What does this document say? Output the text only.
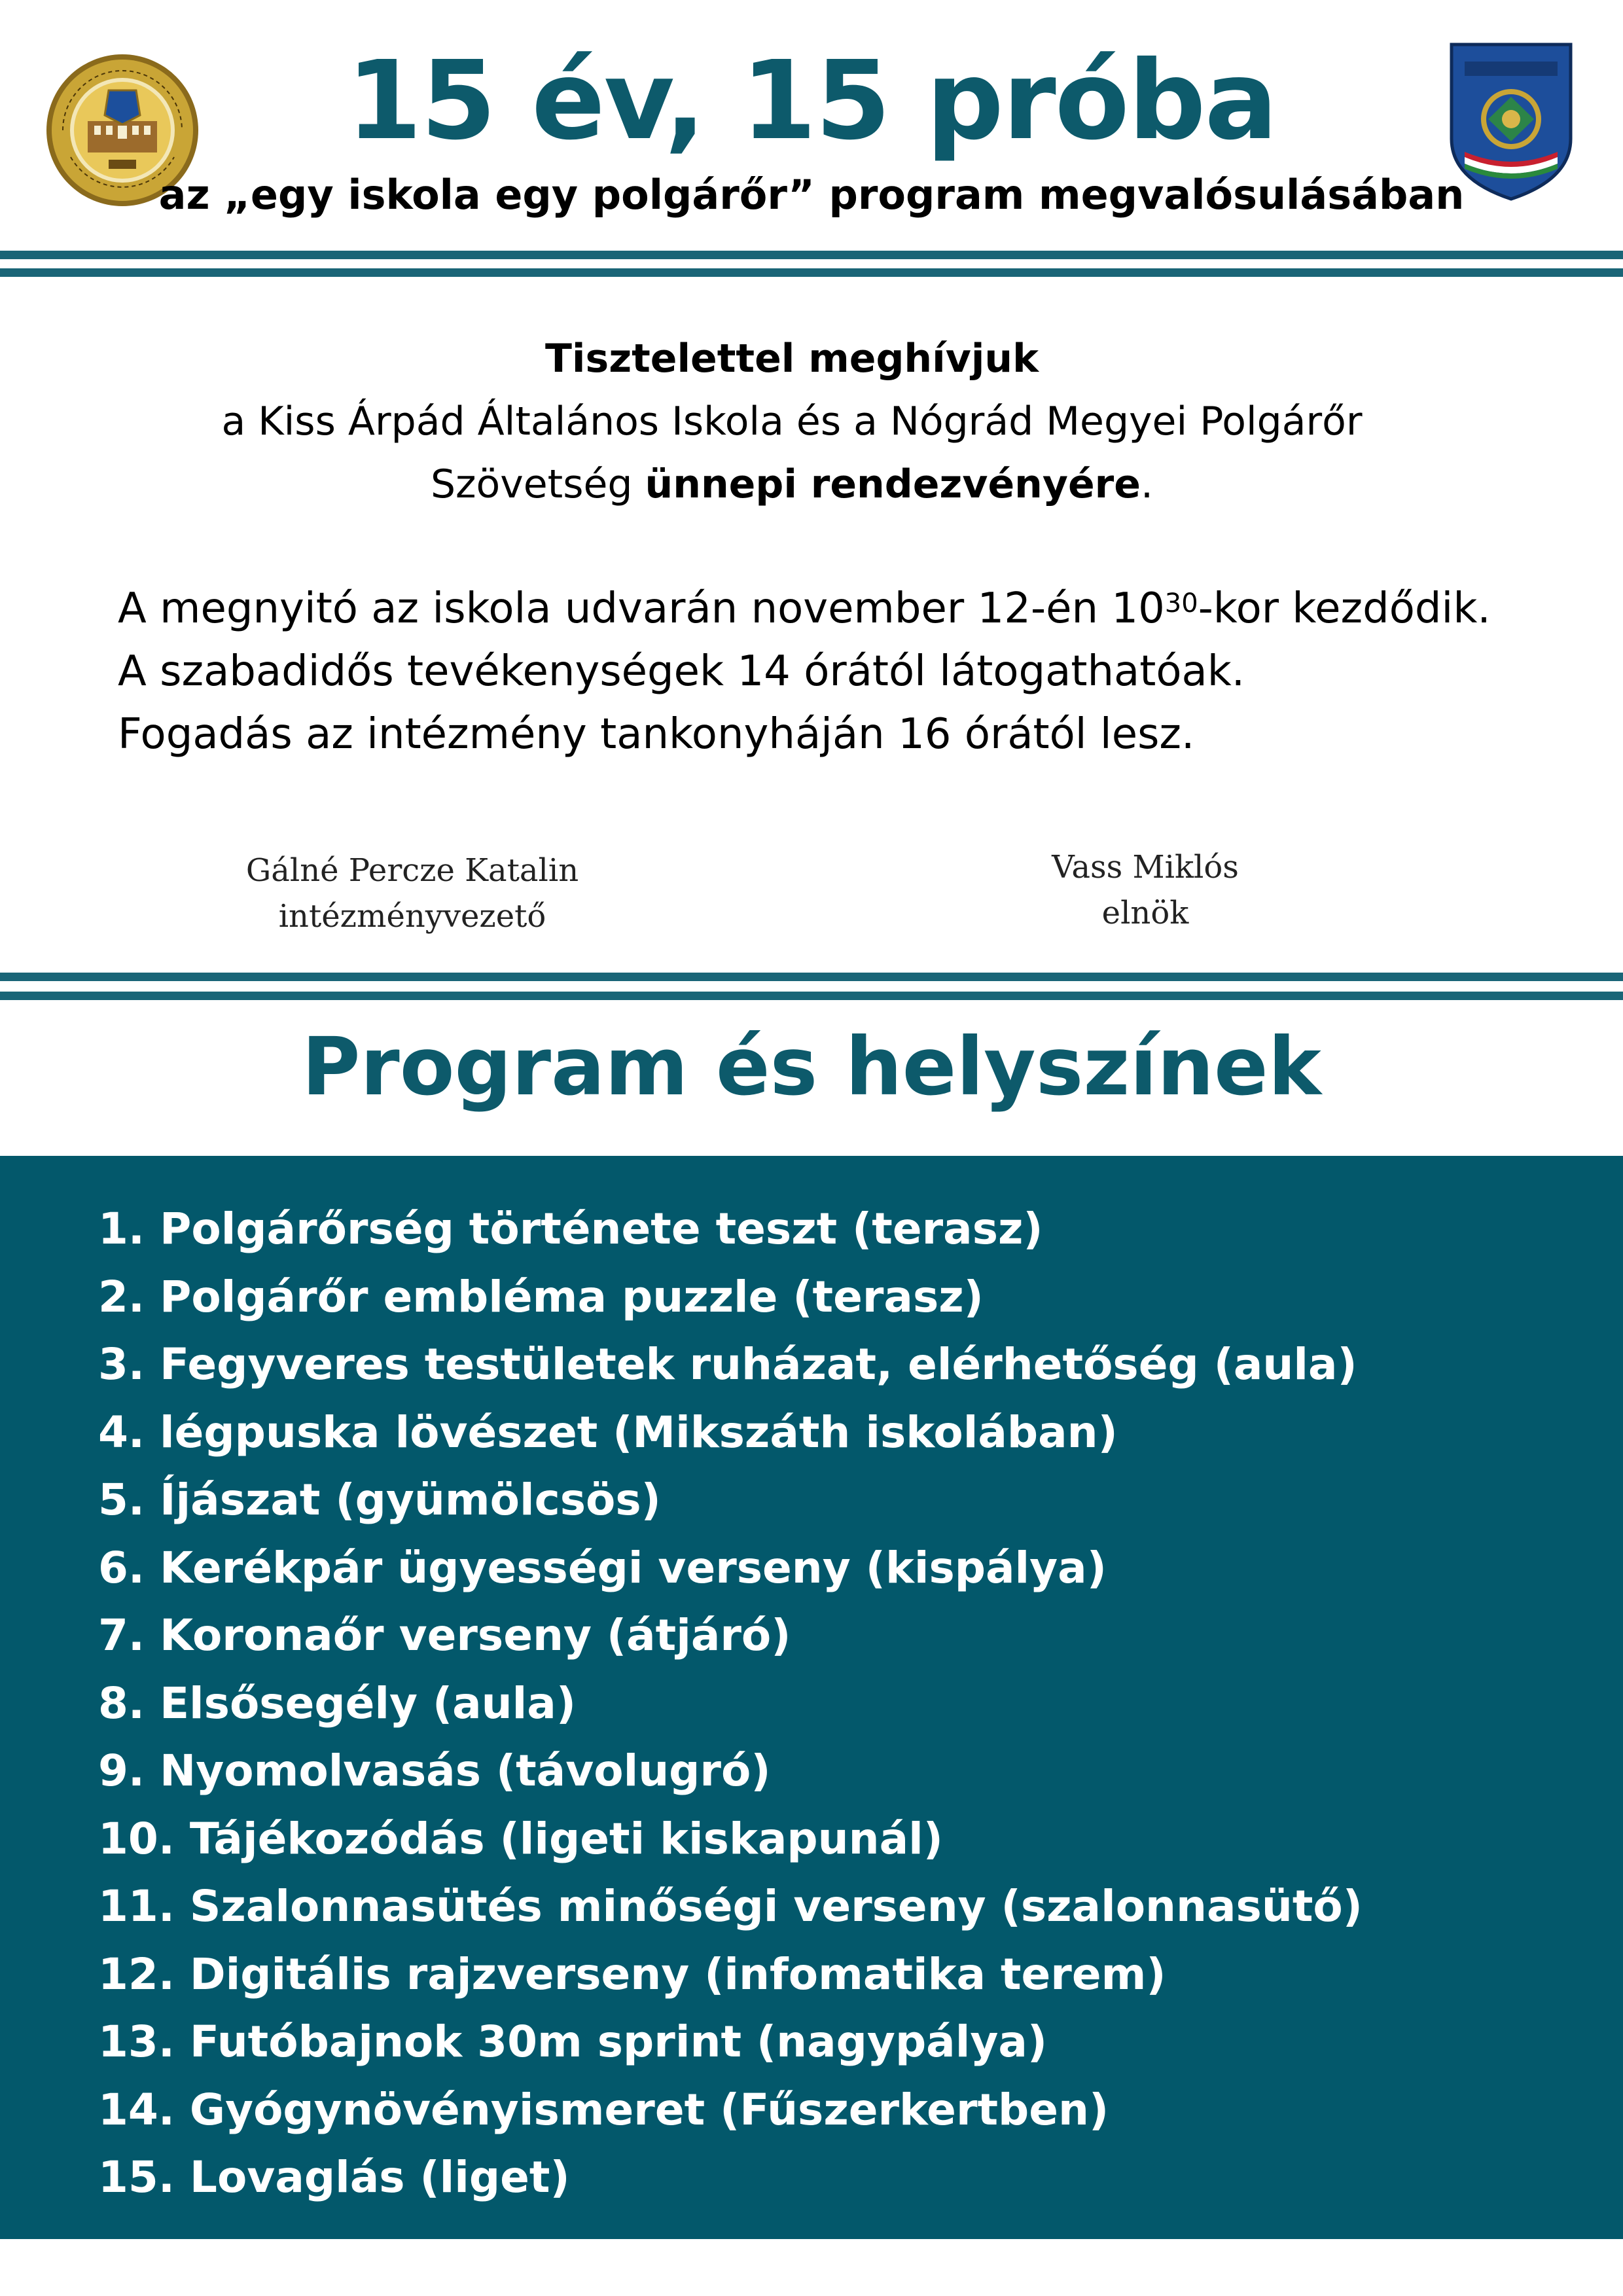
15 év, 15 próba
az „egy iskola egy polgárőr” program megvalósulásában
Tisztelettel meghívjuk
a Kiss Árpád Általános Iskola és a Nógrád Megyei Polgárőr
Szövetség ünnepi rendezvényére.
A megnyitó az iskola udvarán november 12-én $10^{30}$-kor kezdődik.
A szabadidős tevékenységek 14 órától látogathatóak.
Fogadás az intézmény tankonyháján 16 órától lesz.
Gálné Percze Katalin
intézményvezető
Vass Miklós
elnök
Program és helyszínek
1. Polgárőrség története teszt (terasz)
2. Polgárőr embléma puzzle (terasz)
3. Fegyveres testületek ruházat, elérhetőség (aula)
4. légpuska lövészet (Mikszáth iskolában)
5. Íjászat (gyümölcsös)
6. Kerékpár ügyességi verseny (kispálya)
7. Koronaőr verseny (átjáró)
8. Elsősegély (aula)
9. Nyomolvasás (távolugró)
10. Tájékozódás (ligeti kiskapunál)
11. Szalonnasütés minőségi verseny (szalonnasütő)
12. Digitális rajzverseny (infomatika terem)
13. Futóbajnok 30m sprint (nagypálya)
14. Gyógynövényismeret (Fűszerkertben)
15. Lovaglás (liget)
